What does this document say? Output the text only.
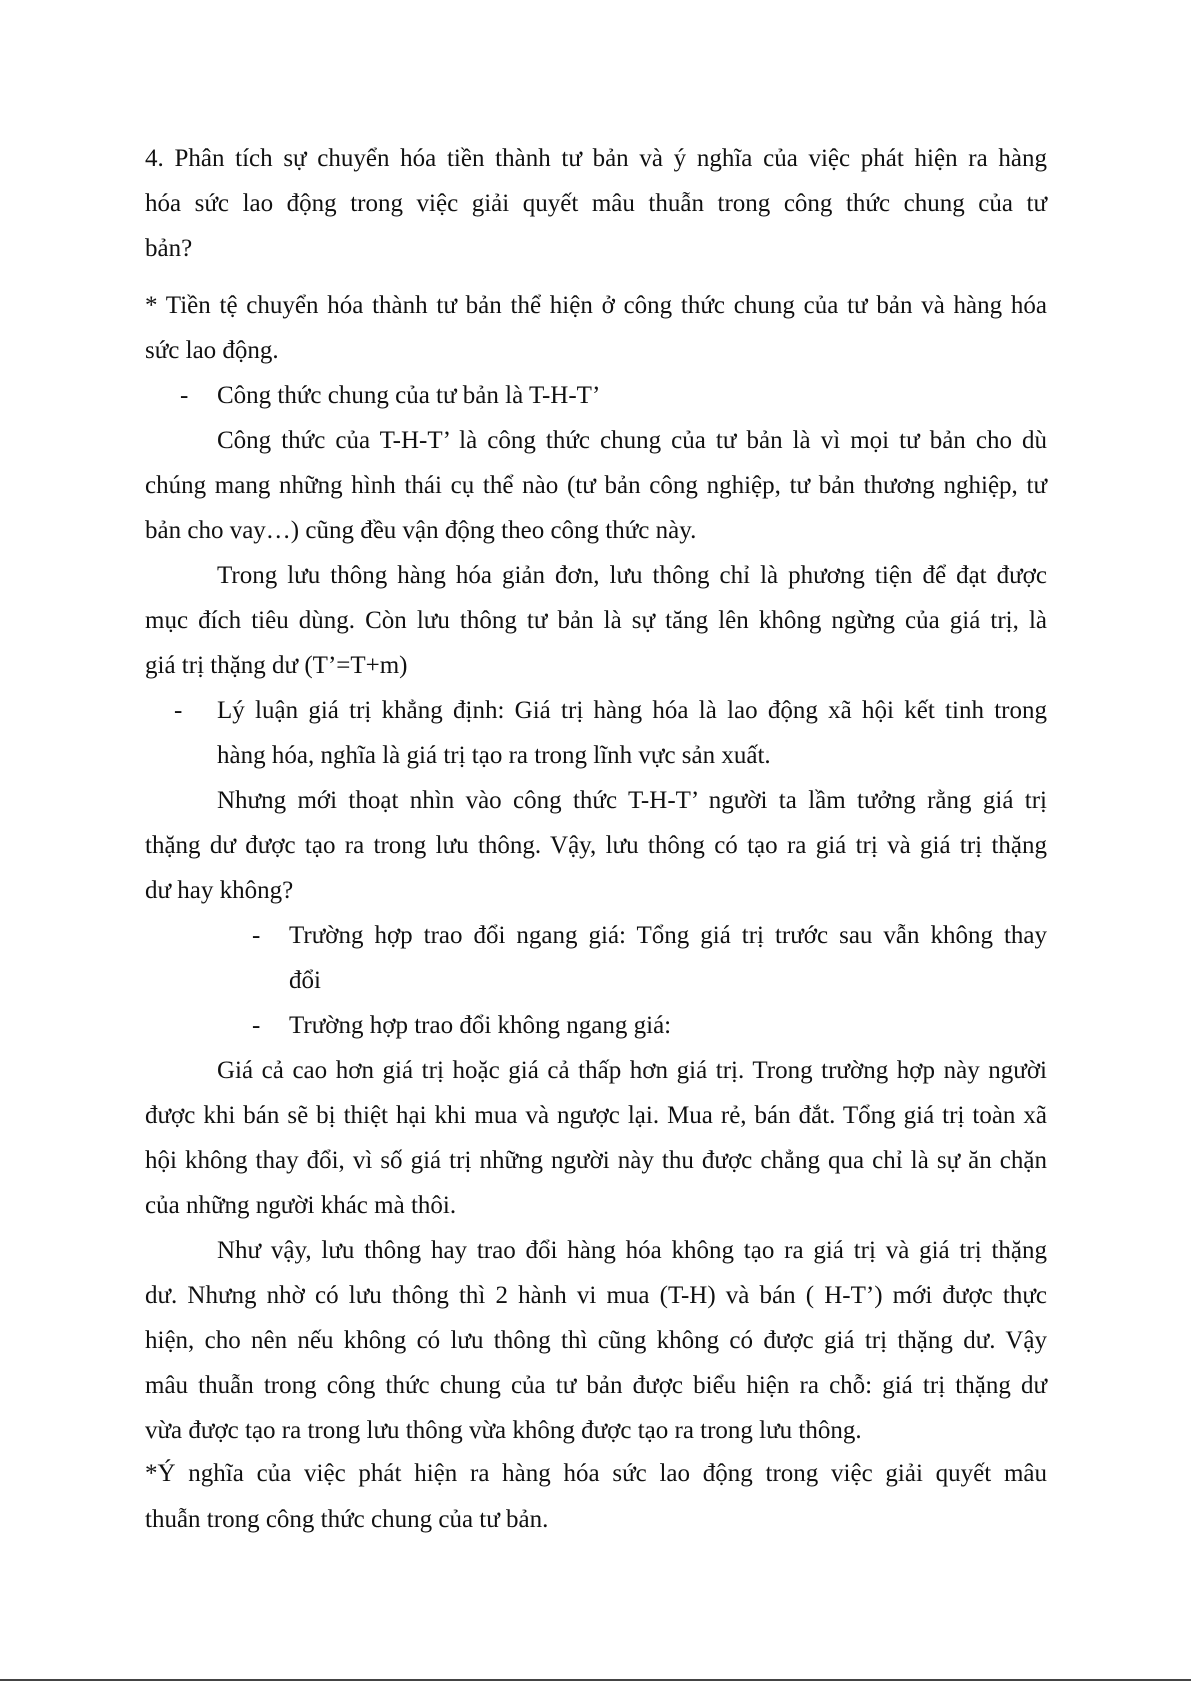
4. Phân tích sự chuyển hóa tiền thành tư bản và ý nghĩa của việc phát hiện ra hàng
hóa sức lao động trong việc giải quyết mâu thuẫn trong công thức chung của tư
bản?
* Tiền tệ chuyển hóa thành tư bản thể hiện ở công thức chung của tư bản và hàng hóa
sức lao động.
- Công thức chung của tư bản là T-H-T’
Công thức của T-H-T’ là công thức chung của tư bản là vì mọi tư bản cho dù
chúng mang những hình thái cụ thể nào (tư bản công nghiệp, tư bản thương nghiệp, tư
bản cho vay…) cũng đều vận động theo công thức này.
Trong lưu thông hàng hóa giản đơn, lưu thông chỉ là phương tiện để đạt được
mục đích tiêu dùng. Còn lưu thông tư bản là sự tăng lên không ngừng của giá trị, là
giá trị thặng dư (T’=T+m)
- Lý luận giá trị khẳng định: Giá trị hàng hóa là lao động xã hội kết tinh trong
hàng hóa, nghĩa là giá trị tạo ra trong lĩnh vực sản xuất.
Nhưng mới thoạt nhìn vào công thức T-H-T’ người ta lầm tưởng rằng giá trị
thặng dư được tạo ra trong lưu thông. Vậy, lưu thông có tạo ra giá trị và giá trị thặng
dư hay không?
- Trường hợp trao đổi ngang giá: Tổng giá trị trước sau vẫn không thay
đổi
- Trường hợp trao đổi không ngang giá:
Giá cả cao hơn giá trị hoặc giá cả thấp hơn giá trị. Trong trường hợp này người
được khi bán sẽ bị thiệt hại khi mua và ngược lại. Mua rẻ, bán đắt. Tổng giá trị toàn xã
hội không thay đổi, vì số giá trị những người này thu được chẳng qua chỉ là sự ăn chặn
của những người khác mà thôi.
Như vậy, lưu thông hay trao đổi hàng hóa không tạo ra giá trị và giá trị thặng
dư. Nhưng nhờ có lưu thông thì 2 hành vi mua (T-H) và bán ( H-T’) mới được thực
hiện, cho nên nếu không có lưu thông thì cũng không có được giá trị thặng dư. Vậy
mâu thuẫn trong công thức chung của tư bản được biểu hiện ra chỗ: giá trị thặng dư
vừa được tạo ra trong lưu thông vừa không được tạo ra trong lưu thông.
*Ý nghĩa của việc phát hiện ra hàng hóa sức lao động trong việc giải quyết mâu
thuẫn trong công thức chung của tư bản.
